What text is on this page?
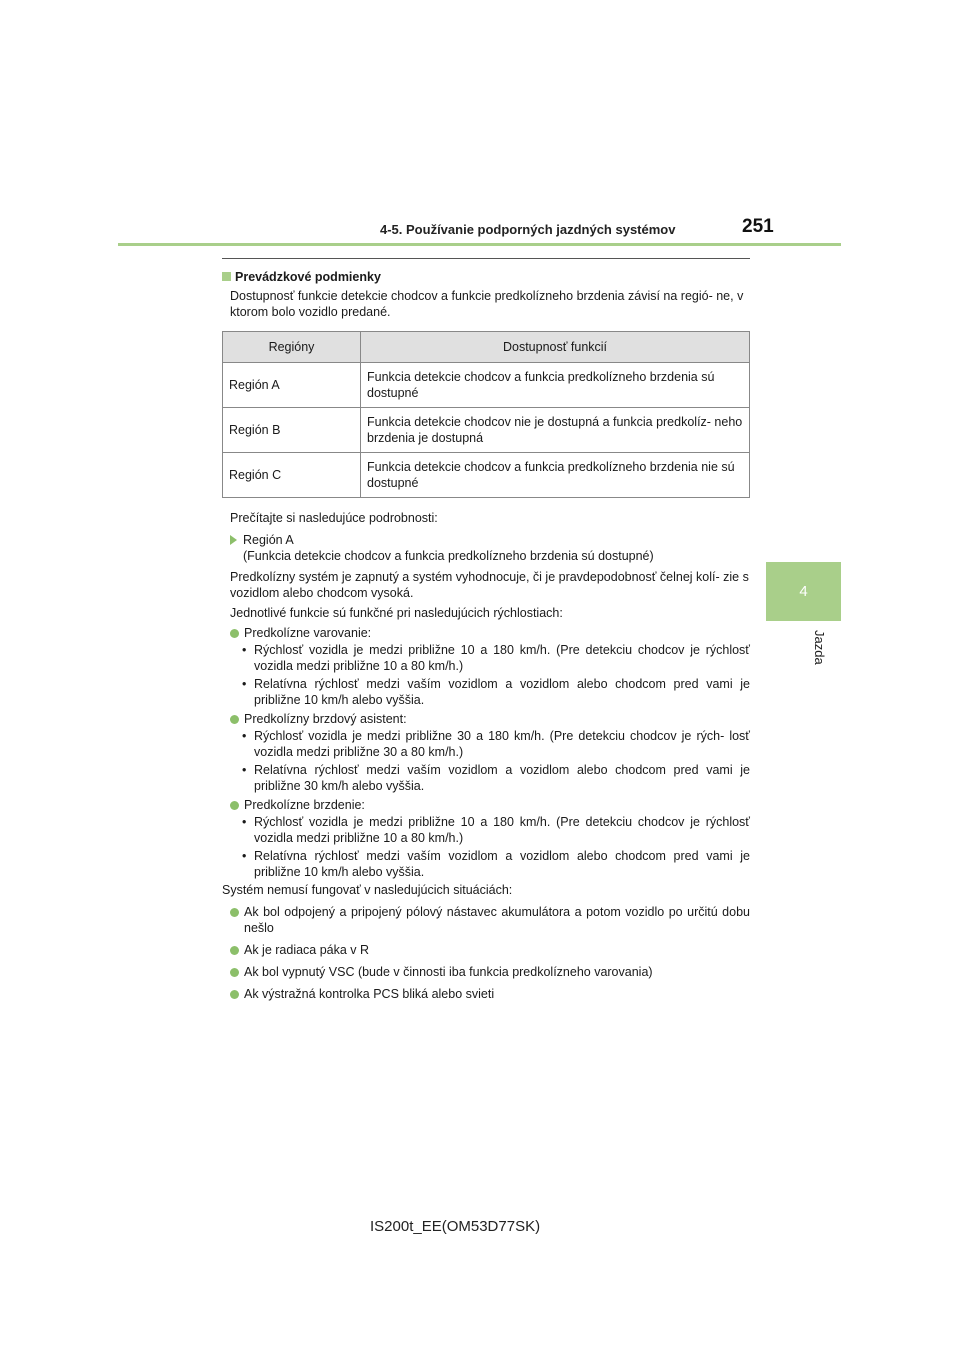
4-5. Používanie podporných jazdných systémov	251
4
Jazda
Prevádzkové podmienky
Dostupnosť funkcie detekcie chodcov a funkcie predkolízneho brzdenia závisí na regió- ne, v ktorom bolo vozidlo predané.
Regióny	Dostupnosť funkcií
Región A	Funkcia detekcie chodcov a funkcia predkolízneho brzdenia sú dostupné
Región B	Funkcia detekcie chodcov nie je dostupná a funkcia predkolíz- neho brzdenia je dostupná
Región C	Funkcia detekcie chodcov a funkcia predkolízneho brzdenia nie sú dostupné
Prečítajte si nasledujúce podrobnosti:
Región A
(Funkcia detekcie chodcov a funkcia predkolízneho brzdenia sú dostupné)
Predkolízny systém je zapnutý a systém vyhodnocuje, či je pravdepodobnosť čelnej kolí- zie s vozidlom alebo chodcom vysoká.
Jednotlivé funkcie sú funkčné pri nasledujúcich rýchlostiach:
Predkolízne varovanie:
• Rýchlosť vozidla je medzi približne 10 a 180 km/h. (Pre detekciu chodcov je rýchlosť vozidla medzi približne 10 a 80 km/h.)
• Relatívna rýchlosť medzi vaším vozidlom a vozidlom alebo chodcom pred vami je približne 10 km/h alebo vyššia.
Predkolízny brzdový asistent:
• Rýchlosť vozidla je medzi približne 30 a 180 km/h. (Pre detekciu chodcov je rých- losť vozidla medzi približne 30 a 80 km/h.)
• Relatívna rýchlosť medzi vaším vozidlom a vozidlom alebo chodcom pred vami je približne 30 km/h alebo vyššia.
Predkolízne brzdenie:
• Rýchlosť vozidla je medzi približne 10 a 180 km/h. (Pre detekciu chodcov je rýchlosť vozidla medzi približne 10 a 80 km/h.)
• Relatívna rýchlosť medzi vaším vozidlom a vozidlom alebo chodcom pred vami je približne 10 km/h alebo vyššia.
Systém nemusí fungovať v nasledujúcich situáciách:
Ak bol odpojený a pripojený pólový nástavec akumulátora a potom vozidlo po určitú dobu nešlo
Ak je radiaca páka v R
Ak bol vypnutý VSC (bude v činnosti iba funkcia predkolízneho varovania)
Ak výstražná kontrolka PCS bliká alebo svieti
IS200t_EE(OM53D77SK)
